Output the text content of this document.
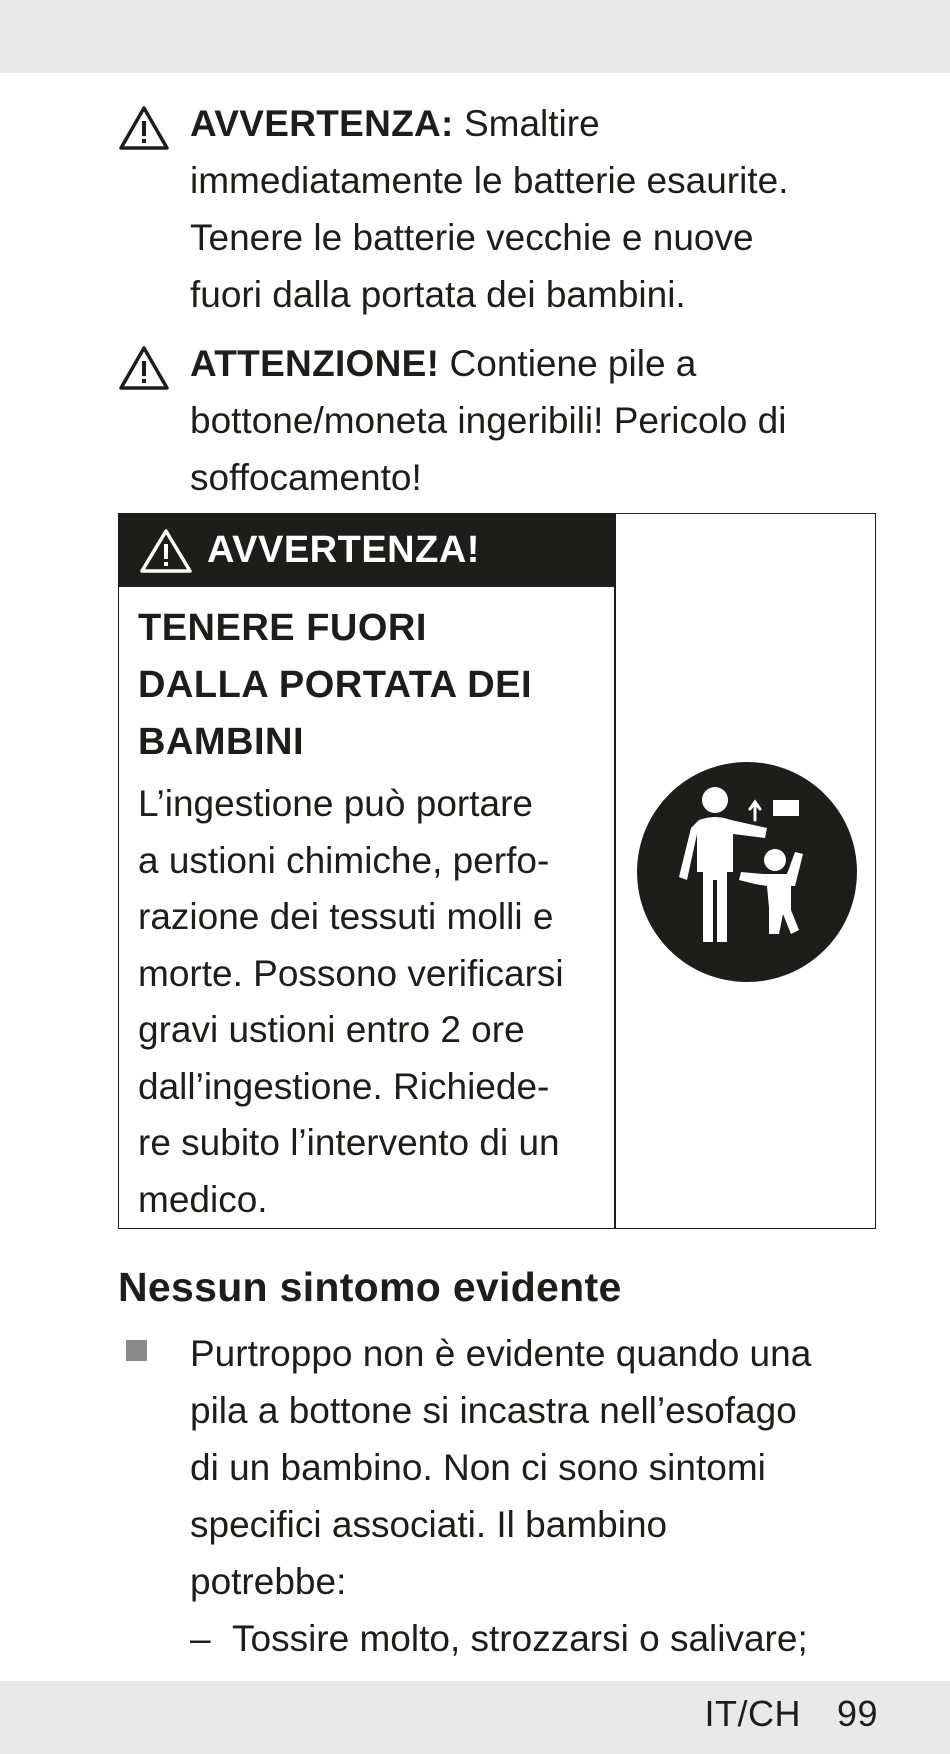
AVVERTENZA: Smaltire
immediatamente le batterie esaurite.
Tenere le batterie vecchie e nuove
fuori dalla portata dei bambini.
ATTENZIONE! Contiene pile a
bottone/moneta ingeribili! Pericolo di
soffocamento!
AVVERTENZA!
TENERE FUORI
DALLA PORTATA DEI
BAMBINI
L’ingestione può portare
a ustioni chimiche, perfo-
razione dei tessuti molli e
morte. Possono verificarsi
gravi ustioni entro 2 ore
dall’ingestione. Richiede-
re subito l’intervento di un
medico.
Nessun sintomo evidente
Purtroppo non è evidente quando una
pila a bottone si incastra nell’esofago
di un bambino. Non ci sono sintomi
specifici associati. Il bambino
potrebbe:
– Tossire molto, strozzarsi o salivare;
IT/CH 99
